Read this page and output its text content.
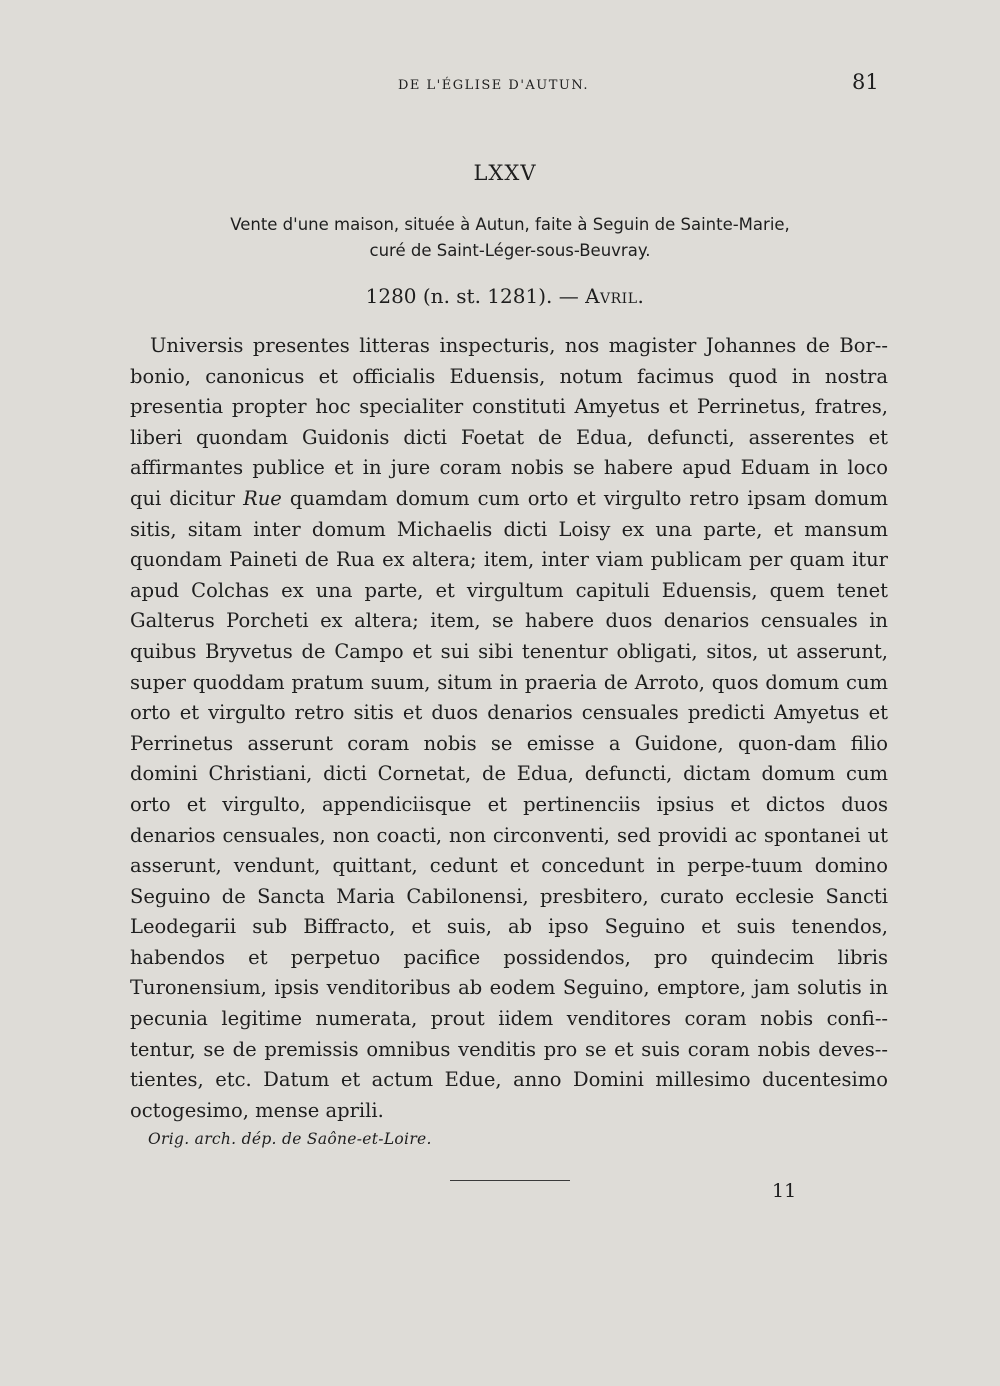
DE L'ÉGLISE D'AUTUN.	81
LXXV
Vente d'une maison, située à Autun, faite à Seguin de Sainte-Marie,
curé de Saint-Léger-sous-Beuvray.
1280 (n. st. 1281). — Avril.

Universis presentes litteras inspecturis, nos magister Johannes de Bor-bonio, canonicus et officialis Eduensis, notum facimus quod in nostra presentia propter hoc specialiter constituti Amyetus et Perrinetus, fratres, liberi quondam Guidonis dicti Foetat de Edua, defuncti, asserentes et affirmantes publice et in jure coram nobis se habere apud Eduam in loco qui dicitur Rue quamdam domum cum orto et virgulto retro ipsam domum sitis, sitam inter domum Michaelis dicti Loisy ex una parte, et mansum quondam Paineti de Rua ex altera; item, inter viam publicam per quam itur apud Colchas ex una parte, et virgultum capituli Eduensis, quem tenet Galterus Porcheti ex altera; item, se habere duos denarios censuales in quibus Bryvetus de Campo et sui sibi tenentur obligati, sitos, ut asserunt, super quoddam pratum suum, situm in praeria de Arroto, quos domum cum orto et virgulto retro sitis et duos denarios censuales predicti Amyetus et Perrinetus asserunt coram nobis se emisse a Guidone, quon-dam filio domini Christiani, dicti Cornetat, de Edua, defuncti, dictam domum cum orto et virgulto, appendiciisque et pertinenciis ipsius et dictos duos denarios censuales, non coacti, non circonventi, sed providi ac spontanei ut asserunt, vendunt, quittant, cedunt et concedunt in perpe-tuum domino Seguino de Sancta Maria Cabilonensi, presbitero, curato ecclesie Sancti Leodegarii sub Biffracto, et suis, ab ipso Seguino et suis tenendos, habendos et perpetuo pacifice possidendos, pro quindecim libris Turonensium, ipsis venditoribus ab eodem Seguino, emptore, jam solutis in pecunia legitime numerata, prout iidem venditores coram nobis confi-tentur, se de premissis omnibus venditis pro se et suis coram nobis deves-tientes, etc. Datum et actum Edue, anno Domini millesimo ducentesimo octogesimo, mense aprili.

Orig. arch. dép. de Saône-et-Loire.
11
